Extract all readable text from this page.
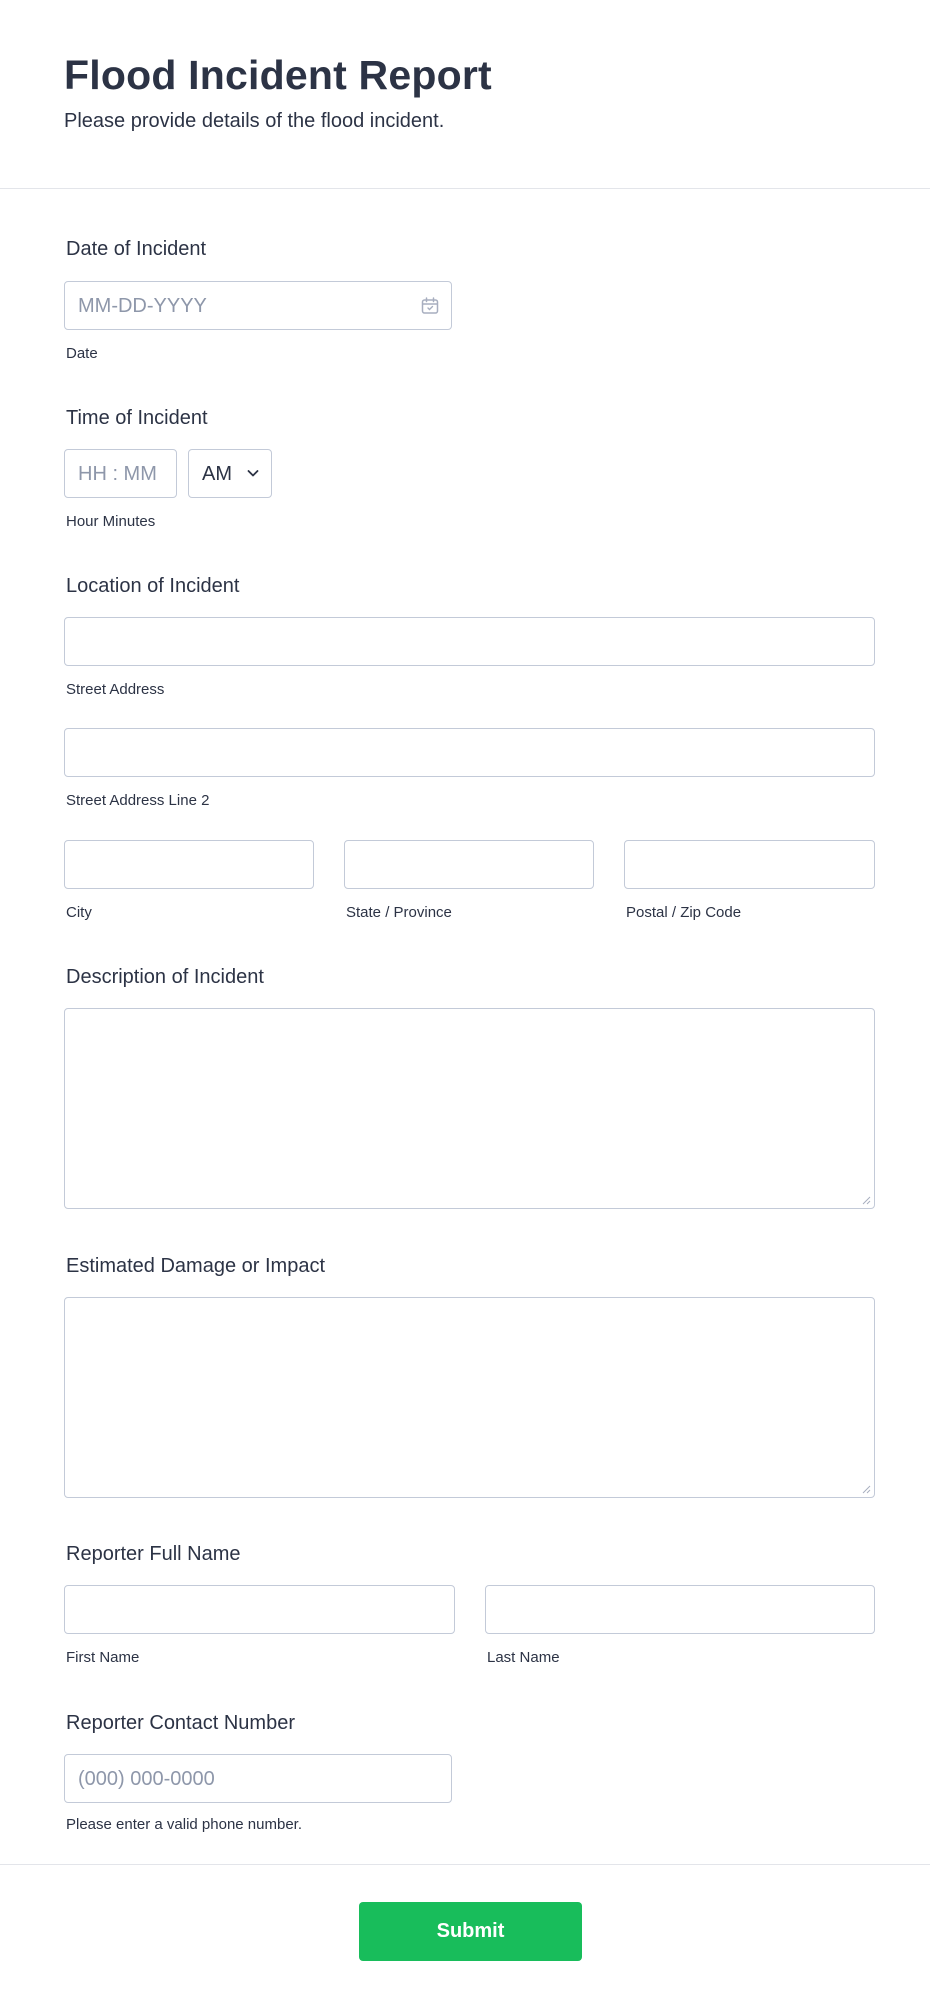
Flood Incident Report
Please provide details of the flood incident.
Date of Incident
MM-DD-YYYY
Date
Time of Incident
HH : MM AM
Hour Minutes
Location of Incident
Street Address
Street Address Line 2
City	State / Province	Postal / Zip Code
Description of Incident
Estimated Damage or Impact
Reporter Full Name
First Name	Last Name
Reporter Contact Number
(000) 000-0000
Please enter a valid phone number.
Submit
